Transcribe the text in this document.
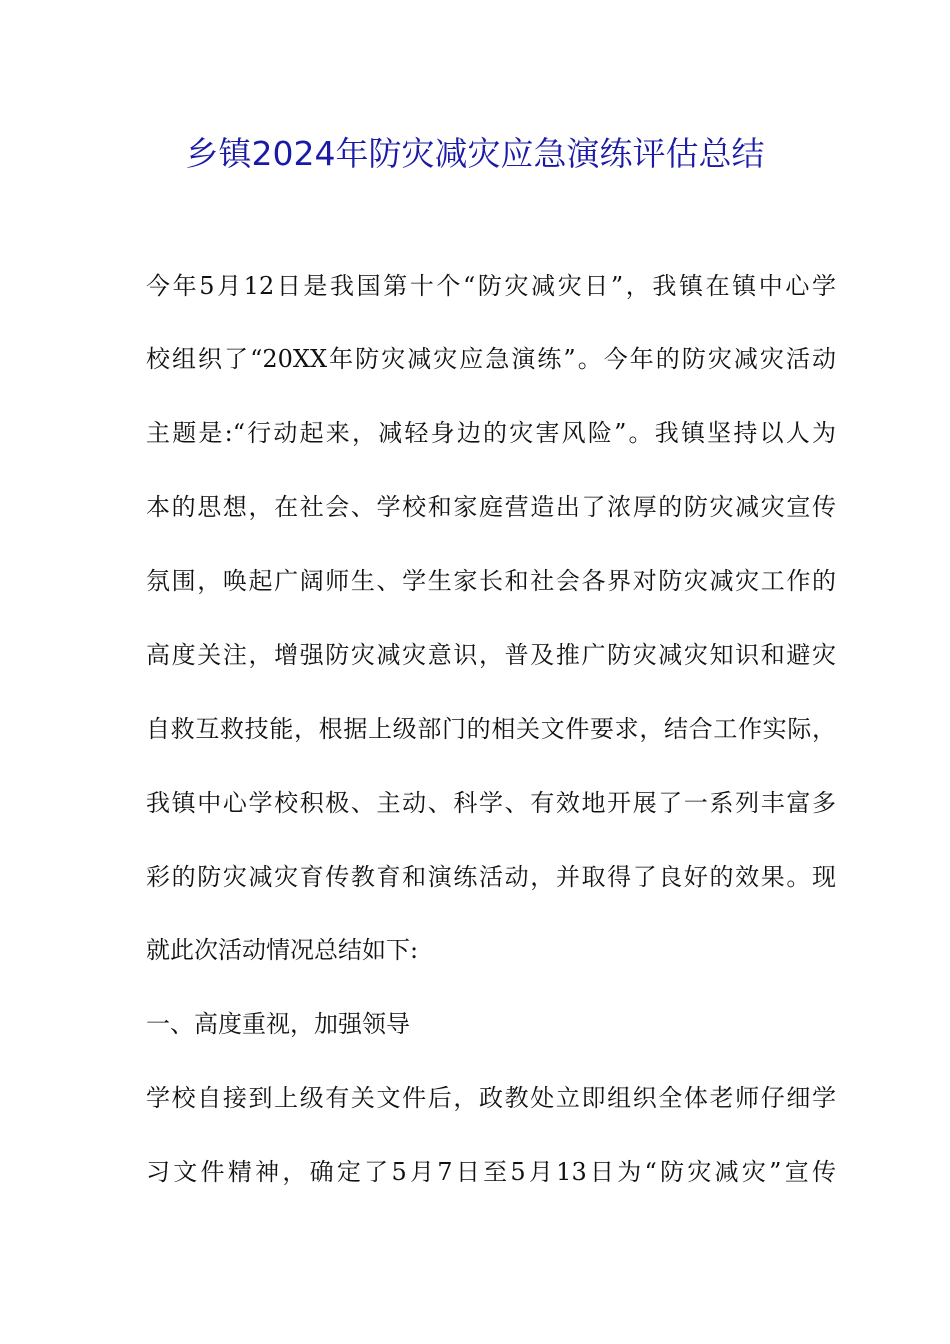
乡镇2024年防灾减灾应急演练评估总结
今年5月12日是我国第十个“防灾减灾日”，我镇在镇中心学
校组织了“20XX年防灾减灾应急演练”。今年的防灾减灾活动
主题是:“行动起来，减轻身边的灾害风险”。我镇坚持以人为
本的思想，在社会、学校和家庭营造出了浓厚的防灾减灾宣传
氛围，唤起广阔师生、学生家长和社会各界对防灾减灾工作的
高度关注，增强防灾减灾意识，普及推广防灾减灾知识和避灾
自救互救技能，根据上级部门的相关文件要求，结合工作实际，
我镇中心学校积极、主动、科学、有效地开展了一系列丰富多
彩的防灾减灾育传教育和演练活动，并取得了良好的效果。现
就此次活动情况总结如下:
一、高度重视，加强领导
学校自接到上级有关文件后，政教处立即组织全体老师仔细学
习文件精神，确定了5月7日至5月13日为“防灾减灾”宣传
